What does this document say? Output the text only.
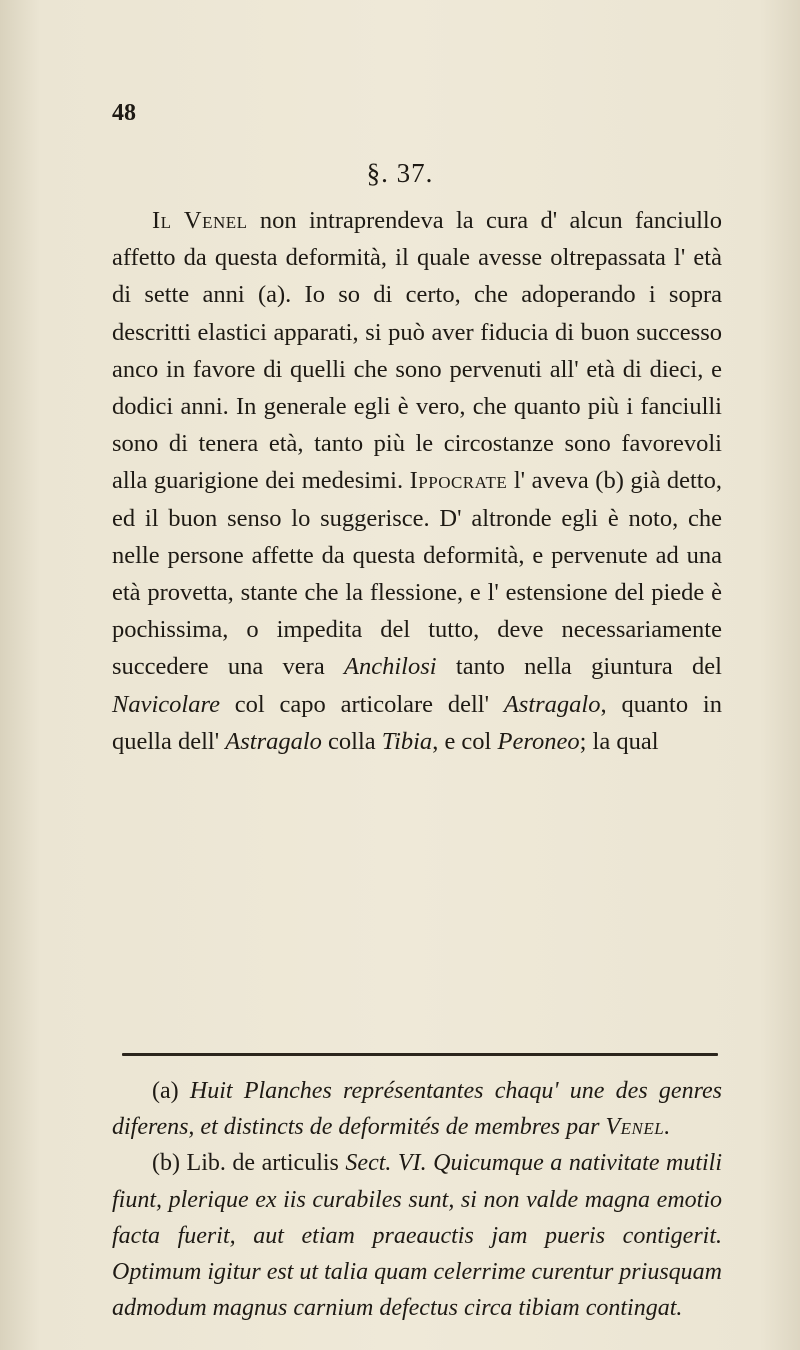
48
§. 37.

Il Venel non intraprendeva la cura d' alcun fanciullo affetto da questa deformità, il quale avesse oltrepassata l' età di sette anni (a). Io so di certo, che adoperando i sopra descritti elastici apparati, si può aver fiducia di buon successo anco in favore di quelli che sono pervenuti all' età di dieci, e dodici anni. In generale egli è vero, che quanto più i fanciulli sono di tenera età, tanto più le circostanze sono favorevoli alla guarigione dei medesimi. Ippocrate l' aveva (b) già detto, ed il buon senso lo suggerisce. D' altronde egli è noto, che nelle persone affette da questa deformità, e pervenute ad una età provetta, stante che la flessione, e l' estensione del piede è pochissima, o impedita del tutto, deve necessariamente succedere una vera Anchilosi tanto nella giuntura del Navicolare col capo articolare dell' Astragalo, quanto in quella dell' Astragalo colla Tibia, e col Peroneo; la qual

(a) Huit Planches représentantes chaqu' une des genres diferens, et distincts de deformités de membres par Venel.

(b) Lib. de articulis Sect. VI. Quicumque a nativitate mutili fiunt, plerique ex iis curabiles sunt, si non valde magna emotio facta fuerit, aut etiam praeauctis jam pueris contigerit. Optimum igitur est ut talia quam celerrime curentur priusquam admodum magnus carnium defectus circa tibiam contingat.
